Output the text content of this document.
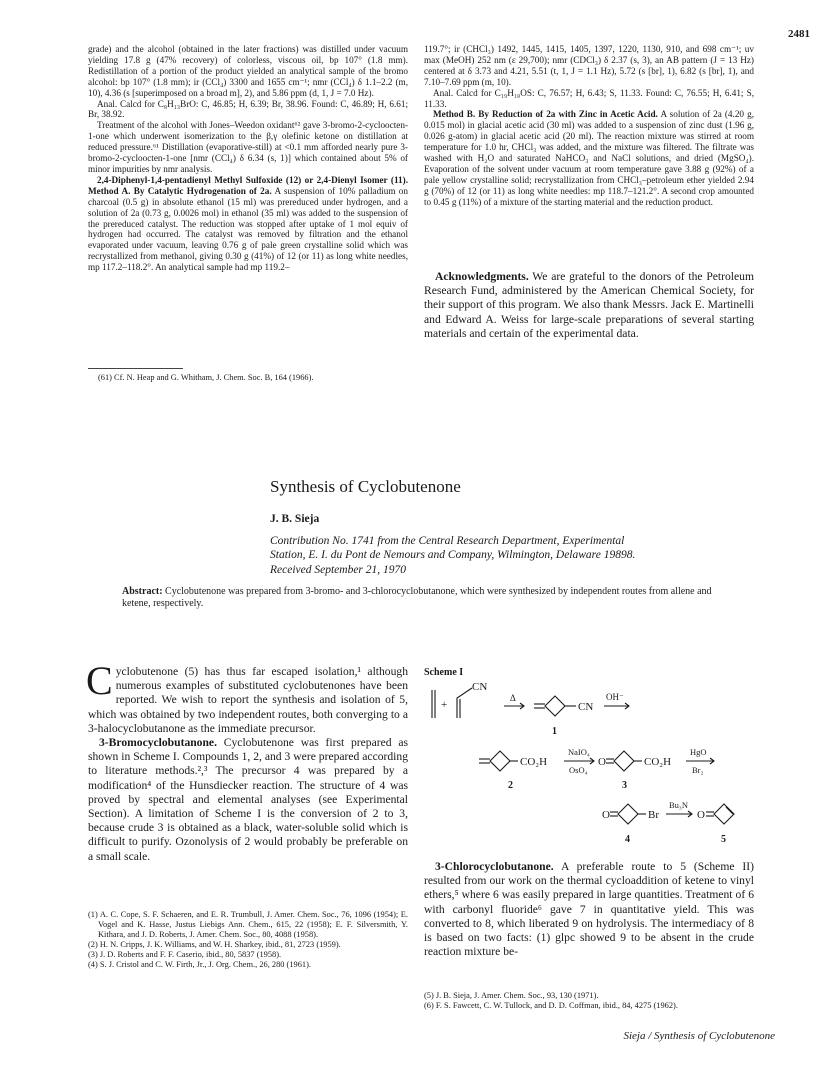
2481

grade) and the alcohol (obtained in the later fractions) was distilled under vacuum yielding 17.8 g (47% recovery) of colorless, viscous oil, bp 107° (1.8 mm). Redistillation of a portion of the product yielded an analytical sample of the bromo alcohol: bp 107° (1.8 mm); ir (CCl₄) 3300 and 1655 cm⁻¹; nmr (CCl₄) δ 1.1–2.2 (m, 10), 4.36 (s [superimposed on a broad m], 2), and 5.86 ppm (d, 1, J = 7.0 Hz).

Anal. Calcd for C₈H₁₃BrO: C, 46.85; H, 6.39; Br, 38.96. Found: C, 46.89; H, 6.61; Br, 38.92.

Treatment of the alcohol with Jones–Weedon oxidant⁶² gave 3-bromo-2-cycloocten-1-one which underwent isomerization to the β,γ olefinic ketone on distillation at reduced pressure.⁶¹ Distillation (evaporative-still) at <0.1 mm afforded nearly pure 3-bromo-2-cycloocten-1-one [nmr (CCl₄) δ 6.34 (s, 1)] which contained about 5% of minor impurities by nmr analysis.

2,4-Diphenyl-1,4-pentadienyl Methyl Sulfoxide (12) or 2,4-Dienyl Isomer (11). Method A. By Catalytic Hydrogenation of 2a. A suspension of 10% palladium on charcoal (0.5 g) in absolute ethanol (15 ml) was prereduced under hydrogen, and a solution of 2a (0.73 g, 0.0026 mol) in ethanol (35 ml) was added to the suspension of the prereduced catalyst. The reduction was stopped after uptake of 1 mol equiv of hydrogen had occurred. The catalyst was removed by filtration and the ethanol evaporated under vacuum, leaving 0.76 g of pale green crystalline solid which was recrystallized from methanol, giving 0.30 g (41%) of 12 (or 11) as long white needles, mp 117.2–118.2°. An analytical sample had mp 119.2–

(61) Cf. N. Heap and G. Whitham, J. Chem. Soc. B, 164 (1966).

119.7°; ir (CHCl₃) 1492, 1445, 1415, 1405, 1397, 1220, 1130, 910, and 698 cm⁻¹; uv max (MeOH) 252 nm (ε 29,700); nmr (CDCl₃) δ 2.37 (s, 3), an AB pattern (J = 13 Hz) centered at δ 3.73 and 4.21, 5.51 (t, 1, J = 1.1 Hz), 5.72 (s [br], 1), 6.82 (s [br], 1), and 7.10–7.69 ppm (m, 10).

Anal. Calcd for C₁₉H₁₈OS: C, 76.57; H, 6.43; S, 11.33. Found: C, 76.55; H, 6.41; S, 11.33.

Method B. By Reduction of 2a with Zinc in Acetic Acid. A solution of 2a (4.20 g, 0.015 mol) in glacial acetic acid (30 ml) was added to a suspension of zinc dust (1.96 g, 0.026 g-atom) in glacial acetic acid (20 ml). The reaction mixture was stirred at room temperature for 1.0 hr, CHCl₃ was added, and the mixture was filtered. The filtrate was washed with H₂O and saturated NaHCO₃ and NaCl solutions, and dried (MgSO₄). Evaporation of the solvent under vacuum at room temperature gave 3.88 g (92%) of a pale yellow crystalline solid; recrystallization from CHCl₃–petroleum ether yielded 2.94 g (70%) of 12 (or 11) as long white needles: mp 118.7–121.2°. A second crop amounted to 0.45 g (11%) of a mixture of the starting material and the reduction product.

Acknowledgments. We are grateful to the donors of the Petroleum Research Fund, administered by the American Chemical Society, for their support of this program. We also thank Messrs. Jack E. Martinelli and Edward A. Weiss for large-scale preparations of several starting materials and certain of the experimental data.

Synthesis of Cyclobutenone
J. B. Sieja
Contribution No. 1741 from the Central Research Department, Experimental Station, E. I. du Pont de Nemours and Company, Wilmington, Delaware 19898. Received September 21, 1970
Abstract: Cyclobutenone was prepared from 3-bromo- and 3-chlorocyclobutanone, which were synthesized by independent routes from allene and ketene, respectively.

Cyclobutenone (5) has thus far escaped isolation,¹ although numerous examples of substituted cyclobutenones have been reported. We wish to report the synthesis and isolation of 5, which was obtained by two independent routes, both converging to a 3-halocyclobutanone as the immediate precursor.

3-Bromocyclobutanone. Cyclobutenone was first prepared as shown in Scheme I. Compounds 1, 2, and 3 were prepared according to literature methods.²,³ The precursor 4 was prepared by a modification⁴ of the Hunsdiecker reaction. The structure of 4 was proved by spectral and elemental analyses (see Experimental Section). A limitation of Scheme I is the conversion of 2 to 3, because crude 3 is obtained as a black, water-soluble solid which is difficult to purify. Ozonolysis of 2 would probably be preferable on a small scale.

(1) A. C. Cope, S. F. Schaeren, and E. R. Trumbull, J. Amer. Chem. Soc., 76, 1096 (1954); E. Vogel and K. Hasse, Justus Liebigs Ann. Chem., 615, 22 (1958); E. F. Silversmith, Y. Kithara, and J. D. Roberts, J. Amer. Chem. Soc., 80, 4088 (1958).

(2) H. N. Cripps, J. K. Williams, and W. H. Sharkey, ibid., 81, 2723 (1959).

(3) J. D. Roberts and F. F. Caserio, ibid., 80, 5837 (1958).

(4) S. J. Cristol and C. W. Firth, Jr., J. Org. Chem., 26, 280 (1961).

Scheme I
CN
+
Δ
CN
OH⁻
1
CO₂H
NaIO₄
OsO₄
O	CO₂H
HgO
Br₂
2	3
O	Br
Bu₃N
O
4	5

3-Chlorocyclobutanone. A preferable route to 5 (Scheme II) resulted from our work on the thermal cycloaddition of ketene to vinyl ethers,⁵ where 6 was easily prepared in large quantities. Treatment of 6 with carbonyl fluoride⁶ gave 7 in quantitative yield. This was converted to 8, which liberated 9 on hydrolysis. The intermediacy of 8 is based on two facts: (1) glpc showed 9 to be absent in the crude reaction mixture be-

(5) J. B. Sieja, J. Amer. Chem. Soc., 93, 130 (1971).

(6) F. S. Fawcett, C. W. Tullock, and D. D. Coffman, ibid., 84, 4275 (1962).

Sieja / Synthesis of Cyclobutenone
